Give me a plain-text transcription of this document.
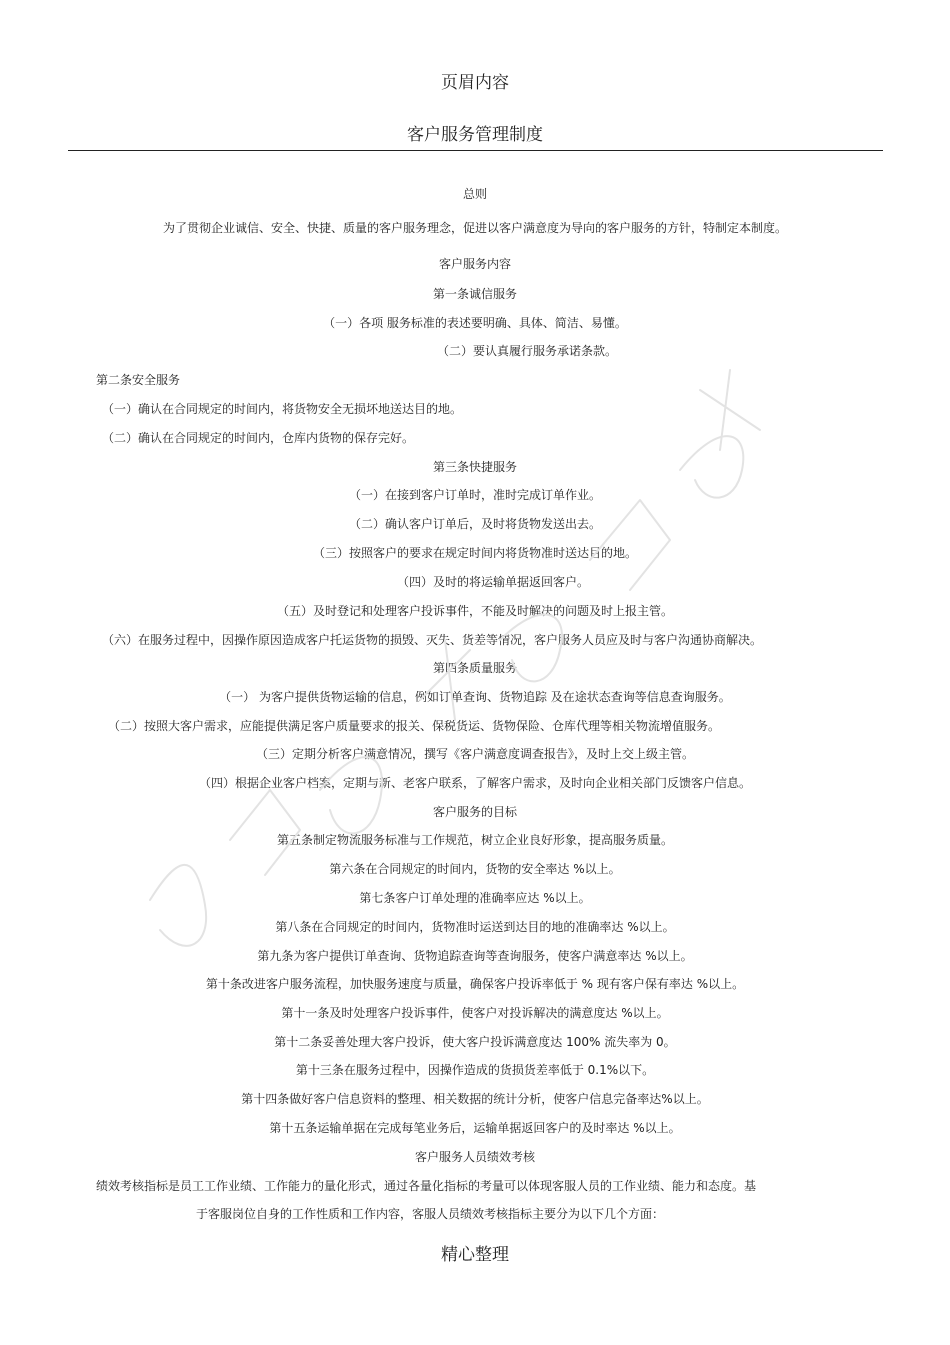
页眉内容
客户服务管理制度
总则
为了贯彻企业诚信、安全、快捷、质量的客户服务理念，促进以客户满意度为导向的客户服务的方针，特制定本制度。
客户服务内容
第一条诚信服务
（一）各项 服务标准的表述要明确、具体、简洁、易懂。
（二）要认真履行服务承诺条款。
第二条安全服务
（一）确认在合同规定的时间内，将货物安全无损坏地送达目的地。
（二）确认在合同规定的时间内，仓库内货物的保存完好。
第三条快捷服务
（一）在接到客户订单时，准时完成订单作业。
（二）确认客户订单后，及时将货物发送出去。
（三）按照客户的要求在规定时间内将货物准时送达目的地。
（四）及时的将运输单据返回客户。
（五）及时登记和处理客户投诉事件，不能及时解决的问题及时上报主管。
（六）在服务过程中，因操作原因造成客户托运货物的损毁、灭失、货差等情况，客户服务人员应及时与客户沟通协商解决。
第四条质量服务
（一） 为客户提供货物运输的信息，例如订单查询、货物追踪 及在途状态查询等信息查询服务。
（二）按照大客户需求，应能提供满足客户质量要求的报关、保税货运、货物保险、仓库代理等相关物流增值服务。
（三）定期分析客户满意情况，撰写《客户满意度调查报告》，及时上交上级主管。
（四）根据企业客户档案，定期与新、老客户联系，了解客户需求，及时向企业相关部门反馈客户信息。
客户服务的目标
第五条制定物流服务标准与工作规范，树立企业良好形象，提高服务质量。
第六条在合同规定的时间内，货物的安全率达 %以上。
第七条客户订单处理的准确率应达 %以上。
第八条在合同规定的时间内，货物准时运送到达目的地的准确率达 %以上。
第九条为客户提供订单查询、货物追踪查询等查询服务，使客户满意率达 %以上。
第十条改进客户服务流程，加快服务速度与质量，确保客户投诉率低于 % 现有客户保有率达 %以上。
第十一条及时处理客户投诉事件，使客户对投诉解决的满意度达 %以上。
第十二条妥善处理大客户投诉，使大客户投诉满意度达 100% 流失率为 0。
第十三条在服务过程中，因操作造成的货损货差率低于 0.1%以下。
第十四条做好客户信息资料的整理、相关数据的统计分析，使客户信息完备率达%以上。
第十五条运输单据在完成每笔业务后，运输单据返回客户的及时率达 %以上。
客户服务人员绩效考核
绩效考核指标是员工工作业绩、工作能力的量化形式，通过各量化指标的考量可以体现客服人员的工作业绩、能力和态度。基
于客服岗位自身的工作性质和工作内容，客服人员绩效考核指标主要分为以下几个方面：
精心整理
